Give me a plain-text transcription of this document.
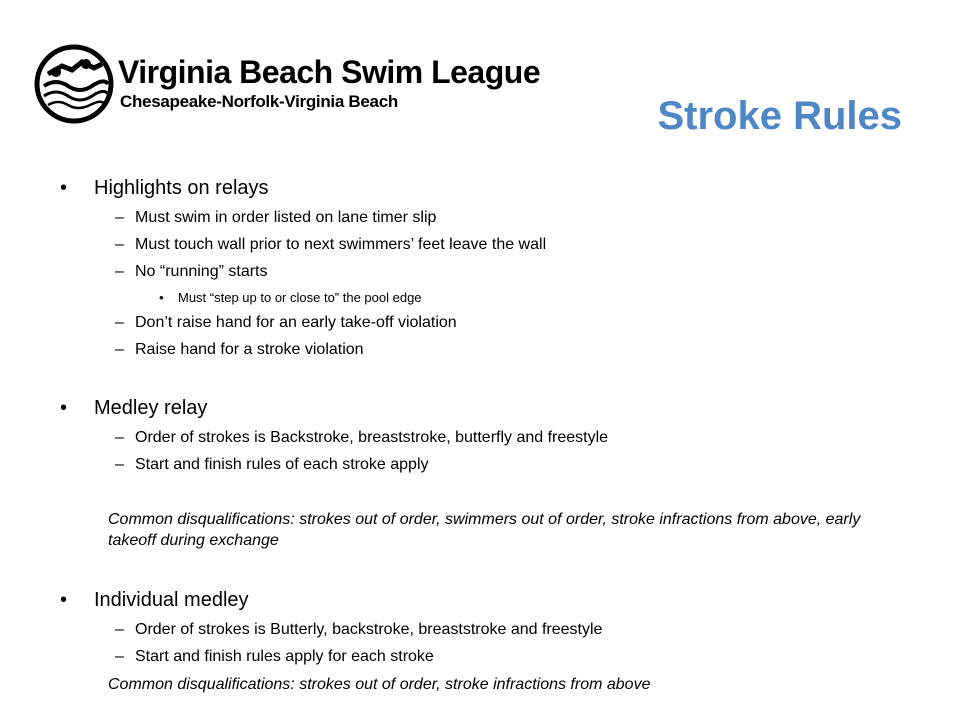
Virginia Beach Swim League

Chesapeake-Norfolk-Virginia Beach	Stroke Rules

• Highlights on relays

– Must swim in order listed on lane timer slip

– Must touch wall prior to next swimmers’ feet leave the wall

– No “running” starts

• Must “step up to or close to” the pool edge

– Don’t raise hand for an early take-off violation

– Raise hand for a stroke violation

• Medley relay

– Order of strokes is Backstroke, breaststroke, butterfly and freestyle

– Start and finish rules of each stroke apply

Common disqualifications: strokes out of order, swimmers out of order, stroke infractions from above, early takeoff during exchange

• Individual medley

– Order of strokes is Butterly, backstroke, breaststroke and freestyle

– Start and finish rules apply for each stroke

Common disqualifications: strokes out of order, stroke infractions from above
